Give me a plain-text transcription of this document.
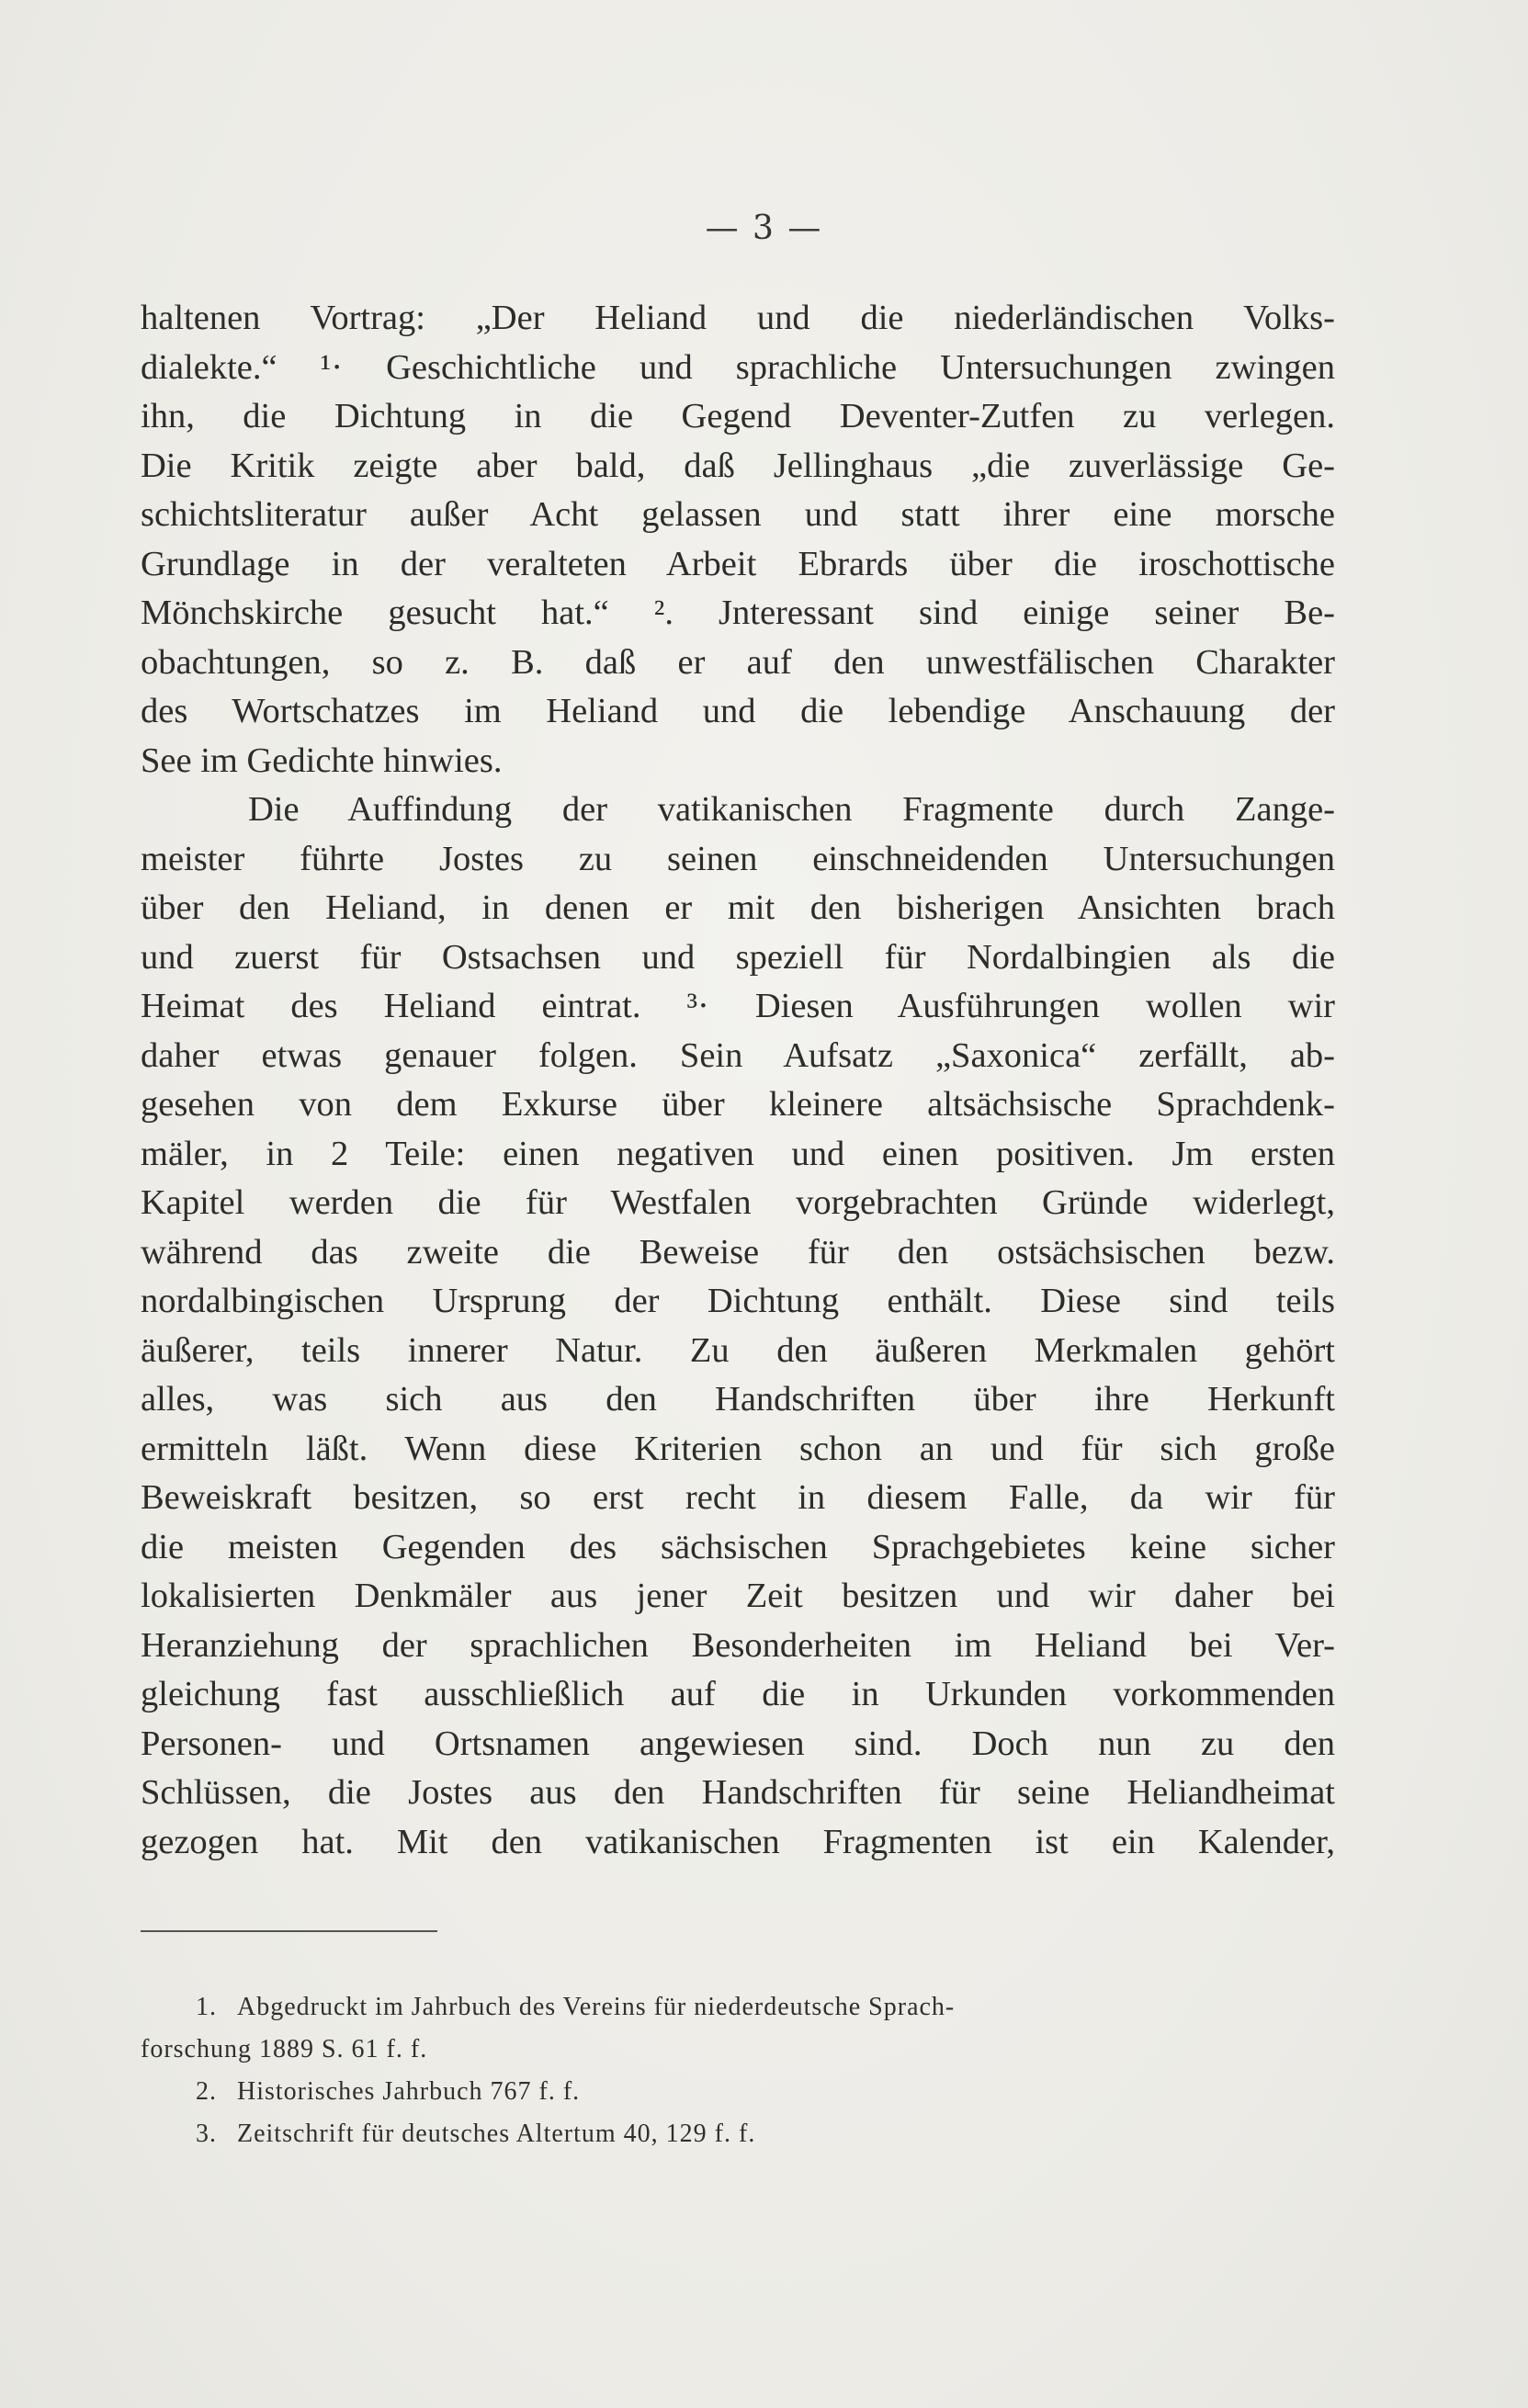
— 3 —
haltenen Vortrag: „Der Heliand und die niederländischen Volks-
dialekte.“ ¹· Geschichtliche und sprachliche Untersuchungen zwingen
ihn, die Dichtung in die Gegend Deventer-Zutfen zu verlegen.
Die Kritik zeigte aber bald, daß Jellinghaus „die zuverlässige Ge-
schichtsliteratur außer Acht gelassen und statt ihrer eine morsche
Grundlage in der veralteten Arbeit Ebrards über die iroschottische
Mönchskirche gesucht hat.“ ². Jnteressant sind einige seiner Be-
obachtungen, so z. B. daß er auf den unwestfälischen Charakter
des Wortschatzes im Heliand und die lebendige Anschauung der
See im Gedichte hinwies.
Die Auffindung der vatikanischen Fragmente durch Zange-
meister führte Jostes zu seinen einschneidenden Untersuchungen
über den Heliand, in denen er mit den bisherigen Ansichten brach
und zuerst für Ostsachsen und speziell für Nordalbingien als die
Heimat des Heliand eintrat. ³· Diesen Ausführungen wollen wir
daher etwas genauer folgen. Sein Aufsatz „Saxonica“ zerfällt, ab-
gesehen von dem Exkurse über kleinere altsächsische Sprachdenk-
mäler, in 2 Teile: einen negativen und einen positiven. Jm ersten
Kapitel werden die für Westfalen vorgebrachten Gründe widerlegt,
während das zweite die Beweise für den ostsächsischen bezw.
nordalbingischen Ursprung der Dichtung enthält. Diese sind teils
äußerer, teils innerer Natur. Zu den äußeren Merkmalen gehört
alles, was sich aus den Handschriften über ihre Herkunft
ermitteln läßt. Wenn diese Kriterien schon an und für sich große
Beweiskraft besitzen, so erst recht in diesem Falle, da wir für
die meisten Gegenden des sächsischen Sprachgebietes keine sicher
lokalisierten Denkmäler aus jener Zeit besitzen und wir daher bei
Heranziehung der sprachlichen Besonderheiten im Heliand bei Ver-
gleichung fast ausschließlich auf die in Urkunden vorkommenden
Personen- und Ortsnamen angewiesen sind. Doch nun zu den
Schlüssen, die Jostes aus den Handschriften für seine Heliandheimat
gezogen hat. Mit den vatikanischen Fragmenten ist ein Kalender,
1. Abgedruckt im Jahrbuch des Vereins für niederdeutsche Sprach-
forschung 1889 S. 61 f. f.
2. Historisches Jahrbuch 767 f. f.
3. Zeitschrift für deutsches Altertum 40, 129 f. f.
